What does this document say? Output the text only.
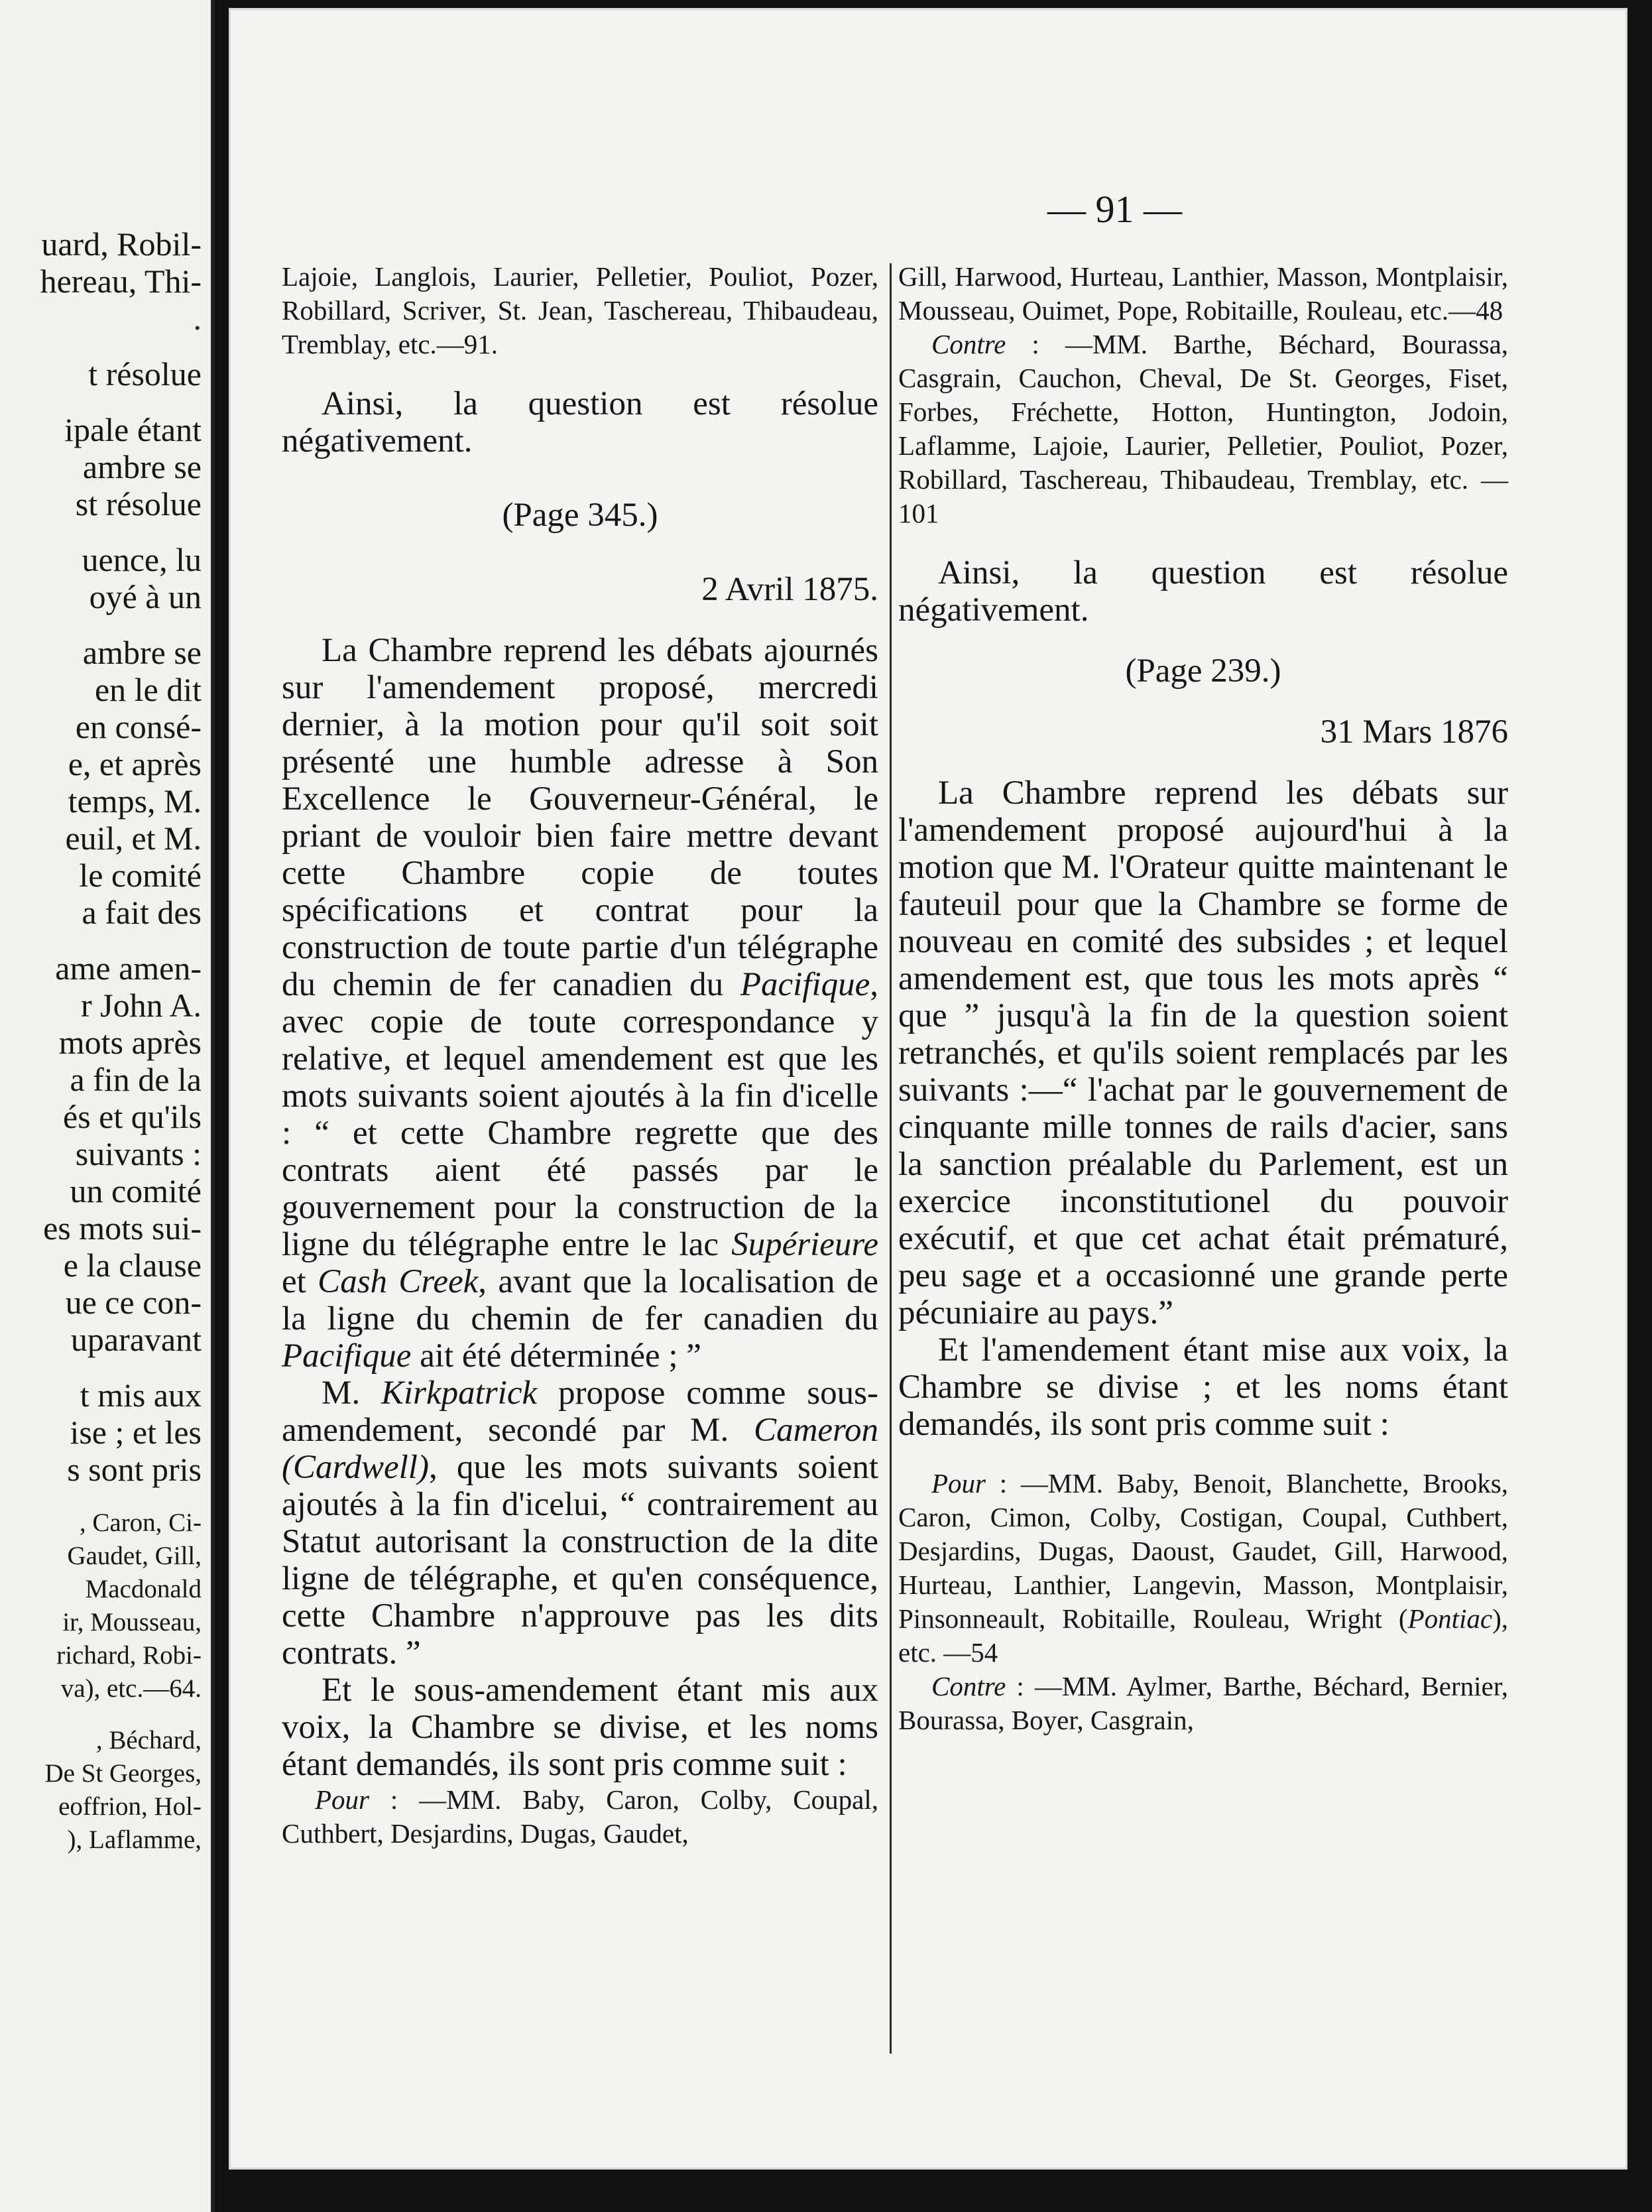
uard, Robil-
hereau, Thi-
.
t résolue
ipale étant
ambre se
st résolue
uence, lu
oyé à un
ambre se
en le dit
en consé-
e, et après
temps, M.
euil, et M.
le comité
a fait des
ame amen-
r John A.
mots après
a fin de la
és et qu'ils
suivants :
un comité
es mots sui-
e la clause
ue ce con-
uparavant
t mis aux
ise ; et les
s sont pris
, Caron, Ci-
Gaudet, Gill,
Macdonald
ir, Mousseau,
richard, Robi-
va), etc.—64.
, Béchard,
De St Georges,
eoffrion, Hol-
), Laflamme,
— 91 —

Lajoie, Langlois, Laurier, Pelletier, Pouliot, Pozer, Robillard, Scriver, St. Jean, Taschereau, Thibaudeau, Tremblay, etc.—91.

Ainsi, la question est résolue négativement.

(Page 345.)

2 Avril 1875.

La Chambre reprend les débats ajournés sur l'amendement proposé, mercredi dernier, à la motion pour qu'il soit soit présenté une humble adresse à Son Excellence le Gouverneur-Général, le priant de vouloir bien faire mettre devant cette Chambre copie de toutes spécifications et contrat pour la construction de toute partie d'un télégraphe du chemin de fer canadien du Pacifique, avec copie de toute correspondance y relative, et lequel amendement est que les mots suivants soient ajoutés à la fin d'icelle : “ et cette Chambre regrette que des contrats aient été passés par le gouvernement pour la construction de la ligne du télégraphe entre le lac Supérieure et Cash Creek, avant que la localisation de la ligne du chemin de fer canadien du Pacifique ait été déterminée ; ”

M. Kirkpatrick propose comme sous-amendement, secondé par M. Cameron (Cardwell), que les mots suivants soient ajoutés à la fin d'icelui, “ contrairement au Statut autorisant la construction de la dite ligne de télégraphe, et qu'en conséquence, cette Chambre n'approuve pas les dits contrats. ”

Et le sous-amendement étant mis aux voix, la Chambre se divise, et les noms étant demandés, ils sont pris comme suit :

Pour : —MM. Baby, Caron, Colby, Coupal, Cuthbert, Desjardins, Dugas, Gaudet,

Gill, Harwood, Hurteau, Lanthier, Masson, Montplaisir, Mousseau, Ouimet, Pope, Robitaille, Rouleau, etc.—48

Contre : —MM. Barthe, Béchard, Bourassa, Casgrain, Cauchon, Cheval, De St. Georges, Fiset, Forbes, Fréchette, Hotton, Huntington, Jodoin, Laflamme, Lajoie, Laurier, Pelletier, Pouliot, Pozer, Robillard, Taschereau, Thibaudeau, Tremblay, etc. —101

Ainsi, la question est résolue négativement.

(Page 239.)

31 Mars 1876

La Chambre reprend les débats sur l'amendement proposé aujourd'hui à la motion que M. l'Orateur quitte maintenant le fauteuil pour que la Chambre se forme de nouveau en comité des subsides ; et lequel amendement est, que tous les mots après “ que ” jusqu'à la fin de la question soient retranchés, et qu'ils soient remplacés par les suivants :—“ l'achat par le gouvernement de cinquante mille tonnes de rails d'acier, sans la sanction préalable du Parlement, est un exercice inconstitutionel du pouvoir exécutif, et que cet achat était prématuré, peu sage et a occasionné une grande perte pécuniaire au pays.”

Et l'amendement étant mise aux voix, la Chambre se divise ; et les noms étant demandés, ils sont pris comme suit :

Pour : —MM. Baby, Benoit, Blanchette, Brooks, Caron, Cimon, Colby, Costigan, Coupal, Cuthbert, Desjardins, Dugas, Daoust, Gaudet, Gill, Harwood, Hurteau, Lanthier, Langevin, Masson, Montplaisir, Pinsonneault, Robitaille, Rouleau, Wright (Pontiac), etc. —54

Contre : —MM. Aylmer, Barthe, Béchard, Bernier, Bourassa, Boyer, Casgrain,
